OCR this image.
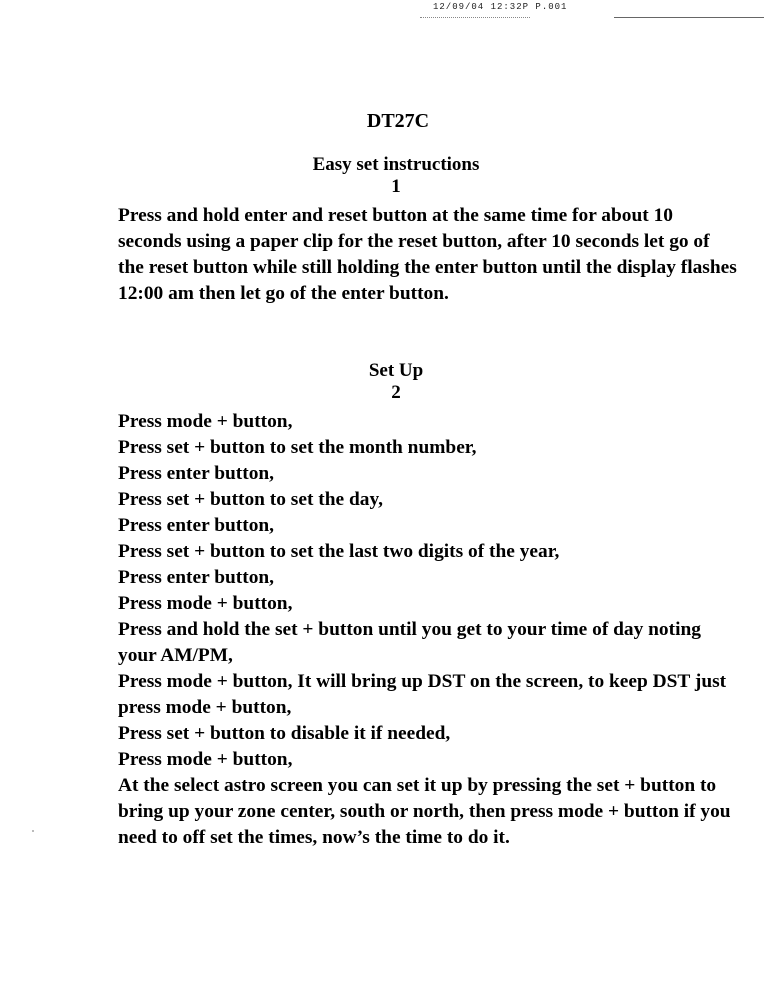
12/09/04 12:32P P.001
DT27C
Easy set instructions
1
Press and hold enter and reset button at the same time for about 10 seconds using a paper clip for the reset button, after 10 seconds let go of the reset button while still holding the enter button until the display flashes 12:00 am then let go of the enter button.
Set Up
2
Press mode + button,
Press set + button to set the month number,
Press enter button,
Press set + button to set the day,
Press enter button,
Press set + button to set the last two digits of the year,
Press enter button,
Press mode + button,
Press and hold the set + button until you get to your time of day noting your AM/PM,
Press mode + button, It will bring up DST on the screen, to keep DST just press mode + button,
Press set + button to disable it if needed,
Press mode + button,
At the select astro screen you can set it up by pressing the set + button to bring up your zone center, south or north, then press mode + button if you need to off set the times, now’s the time to do it.
